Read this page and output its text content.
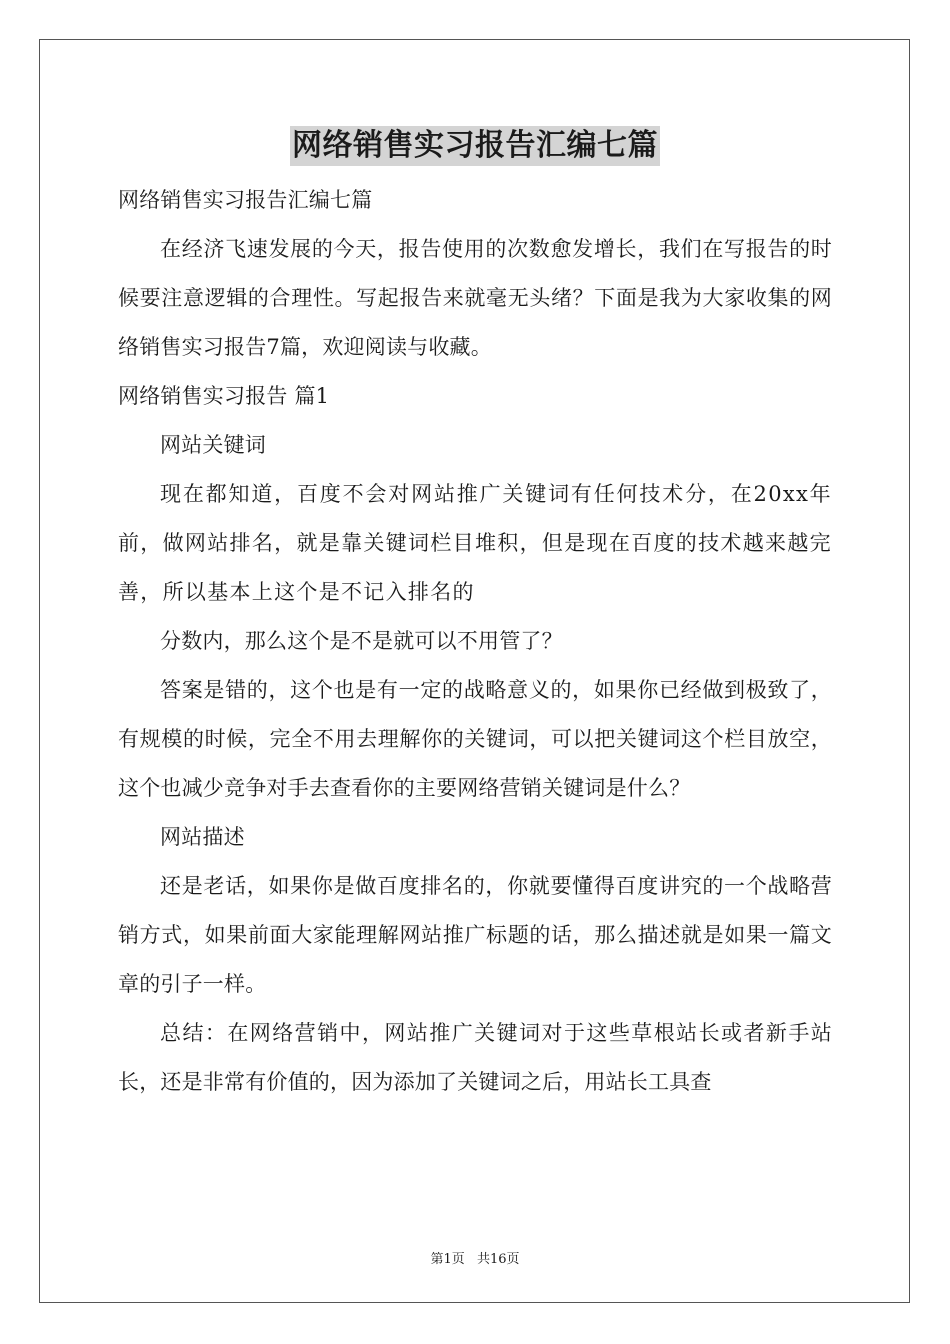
网络销售实习报告汇编七篇

网络销售实习报告汇编七篇

在经济飞速发展的今天，报告使用的次数愈发增长，我们在写报告的时候要注意逻辑的合理性。写起报告来就毫无头绪？下面是我为大家收集的网络销售实习报告7篇，欢迎阅读与收藏。

网络销售实习报告 篇1

网站关键词

现在都知道，百度不会对网站推广关键词有任何技术分，在20xx年前，做网站排名，就是靠关键词栏目堆积，但是现在百度的技术越来越完善，所以基本上这个是不记入排名的

分数内，那么这个是不是就可以不用管了？

答案是错的，这个也是有一定的战略意义的，如果你已经做到极致了，有规模的时候，完全不用去理解你的关键词，可以把关键词这个栏目放空，这个也减少竞争对手去查看你的主要网络营销关键词是什么？

网站描述

还是老话，如果你是做百度排名的，你就要懂得百度讲究的一个战略营销方式，如果前面大家能理解网站推广标题的话，那么描述就是如果一篇文章的引子一样。

总结：在网络营销中，网站推广关键词对于这些草根站长或者新手站长，还是非常有价值的，因为添加了关键词之后，用站长工具查

第1页 共16页
